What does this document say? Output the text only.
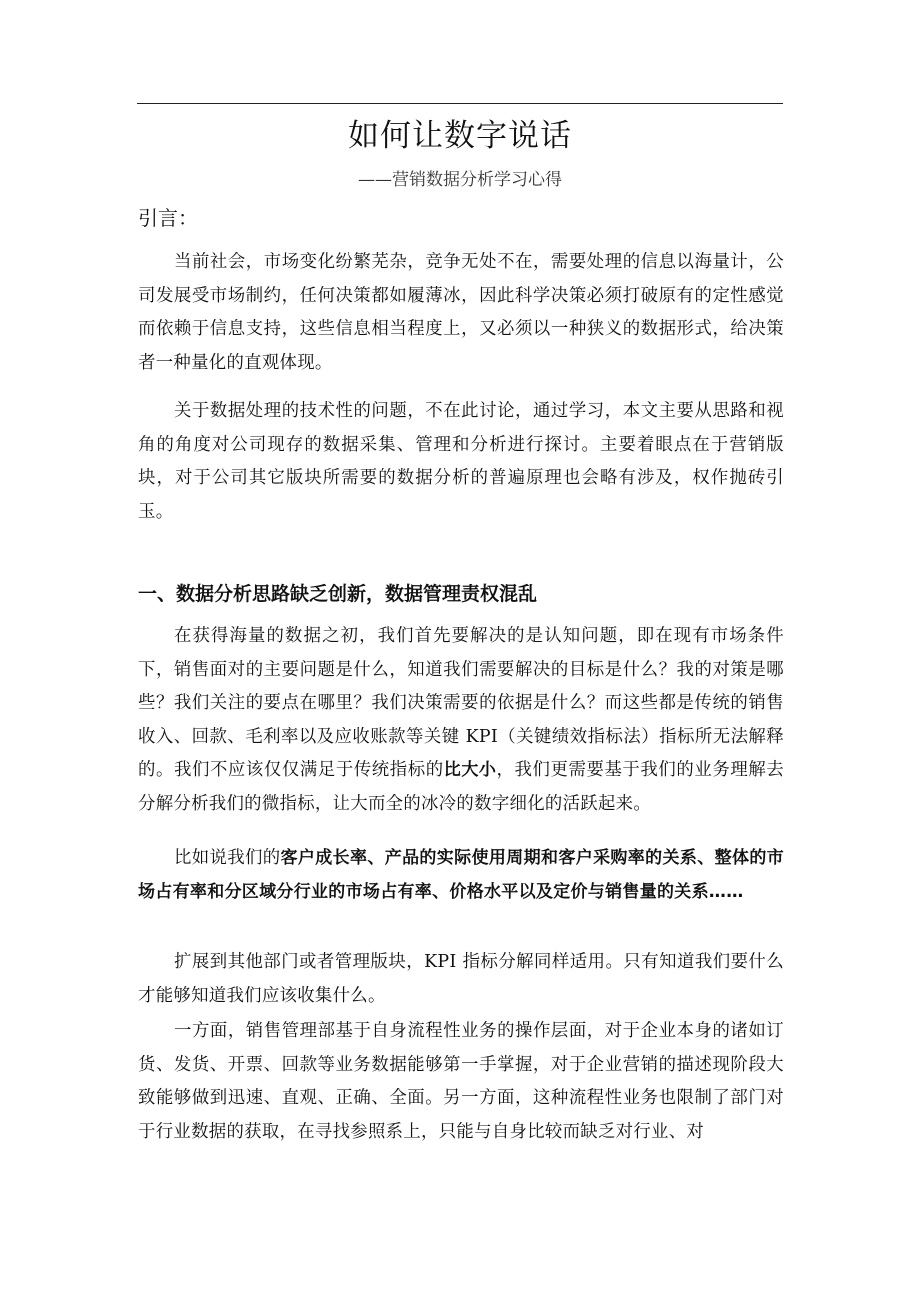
如何让数字说话
——营销数据分析学习心得
引言：
当前社会，市场变化纷繁芜杂，竞争无处不在，需要处理的信息以海量计，公司发展受市场制约，任何决策都如履薄冰，因此科学决策必须打破原有的定性感觉而依赖于信息支持，这些信息相当程度上，又必须以一种狭义的数据形式，给决策者一种量化的直观体现。
关于数据处理的技术性的问题，不在此讨论，通过学习，本文主要从思路和视角的角度对公司现存的数据采集、管理和分析进行探讨。主要着眼点在于营销版块，对于公司其它版块所需要的数据分析的普遍原理也会略有涉及，权作抛砖引玉。
一、数据分析思路缺乏创新，数据管理责权混乱
在获得海量的数据之初，我们首先要解决的是认知问题，即在现有市场条件下，销售面对的主要问题是什么，知道我们需要解决的目标是什么？我的对策是哪些？我们关注的要点在哪里？我们决策需要的依据是什么？而这些都是传统的销售收入、回款、毛利率以及应收账款等关键 KPI（关键绩效指标法）指标所无法解释的。我们不应该仅仅满足于传统指标的比大小，我们更需要基于我们的业务理解去分解分析我们的微指标，让大而全的冰冷的数字细化的活跃起来。
比如说我们的客户成长率、产品的实际使用周期和客户采购率的关系、整体的市场占有率和分区域分行业的市场占有率、价格水平以及定价与销售量的关系……
扩展到其他部门或者管理版块，KPI 指标分解同样适用。只有知道我们要什么才能够知道我们应该收集什么。
一方面，销售管理部基于自身流程性业务的操作层面，对于企业本身的诸如订货、发货、开票、回款等业务数据能够第一手掌握，对于企业营销的描述现阶段大致能够做到迅速、直观、正确、全面。另一方面，这种流程性业务也限制了部门对于行业数据的获取，在寻找参照系上，只能与自身比较而缺乏对行业、对
